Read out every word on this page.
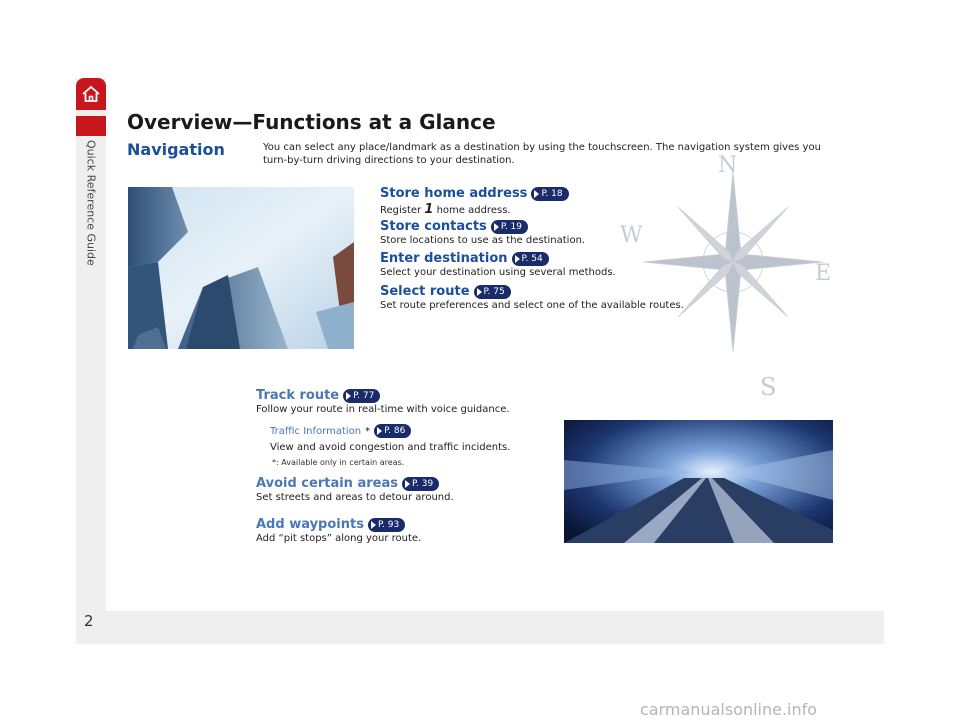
Quick Reference Guide
2
Overview—Functions at a Glance
Navigation	You can select any place/landmark as a destination by using the touchscreen. The navigation system gives you turn-by-turn driving directions to your destination.	N
W
E
S
Store home address P. 18
Register 1 home address.
Store contacts P. 19
Store locations to use as the destination.
Enter destination P. 54
Select your destination using several methods.
Select route P. 75
Set route preferences and select one of the available routes.
Track route P. 77
Follow your route in real-time with voice guidance.
Traffic Information * P. 86
View and avoid congestion and traffic incidents.
*: Available only in certain areas.
Avoid certain areas P. 39
Set streets and areas to detour around.
Add waypoints P. 93
Add “pit stops” along your route.
carmanualsonline.info
